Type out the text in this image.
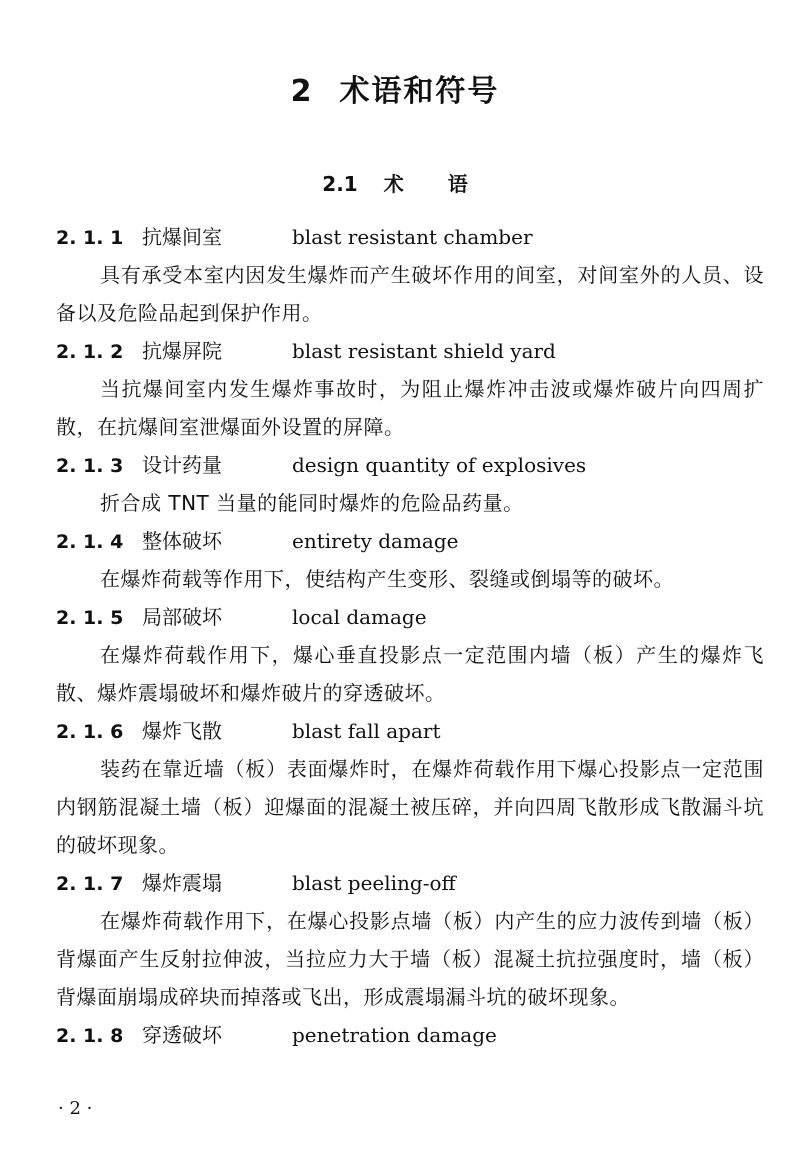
2 术语和符号
2.1 术 语
2. 1. 1 抗爆间室	blast resistant chamber

具有承受本室内因发生爆炸而产生破坏作用的间室，对间室外的人员、设备以及危险品起到保护作用。

2. 1. 2 抗爆屏院	blast resistant shield yard

当抗爆间室内发生爆炸事故时，为阻止爆炸冲击波或爆炸破片向四周扩散，在抗爆间室泄爆面外设置的屏障。

2. 1. 3 设计药量	design quantity of explosives

折合成 TNT 当量的能同时爆炸的危险品药量。

2. 1. 4 整体破坏	entirety damage

在爆炸荷载等作用下，使结构产生变形、裂缝或倒塌等的破坏。

2. 1. 5 局部破坏	local damage

在爆炸荷载作用下，爆心垂直投影点一定范围内墙（板）产生的爆炸飞散、爆炸震塌破坏和爆炸破片的穿透破坏。

2. 1. 6 爆炸飞散	blast fall apart

装药在靠近墙（板）表面爆炸时，在爆炸荷载作用下爆心投影点一定范围内钢筋混凝土墙（板）迎爆面的混凝土被压碎，并向四周飞散形成飞散漏斗坑的破坏现象。

2. 1. 7 爆炸震塌	blast peeling-off

在爆炸荷载作用下，在爆心投影点墙（板）内产生的应力波传到墙（板）背爆面产生反射拉伸波，当拉应力大于墙（板）混凝土抗拉强度时，墙（板）背爆面崩塌成碎块而掉落或飞出，形成震塌漏斗坑的破坏现象。

2. 1. 8 穿透破坏	penetration damage
· 2 ·
